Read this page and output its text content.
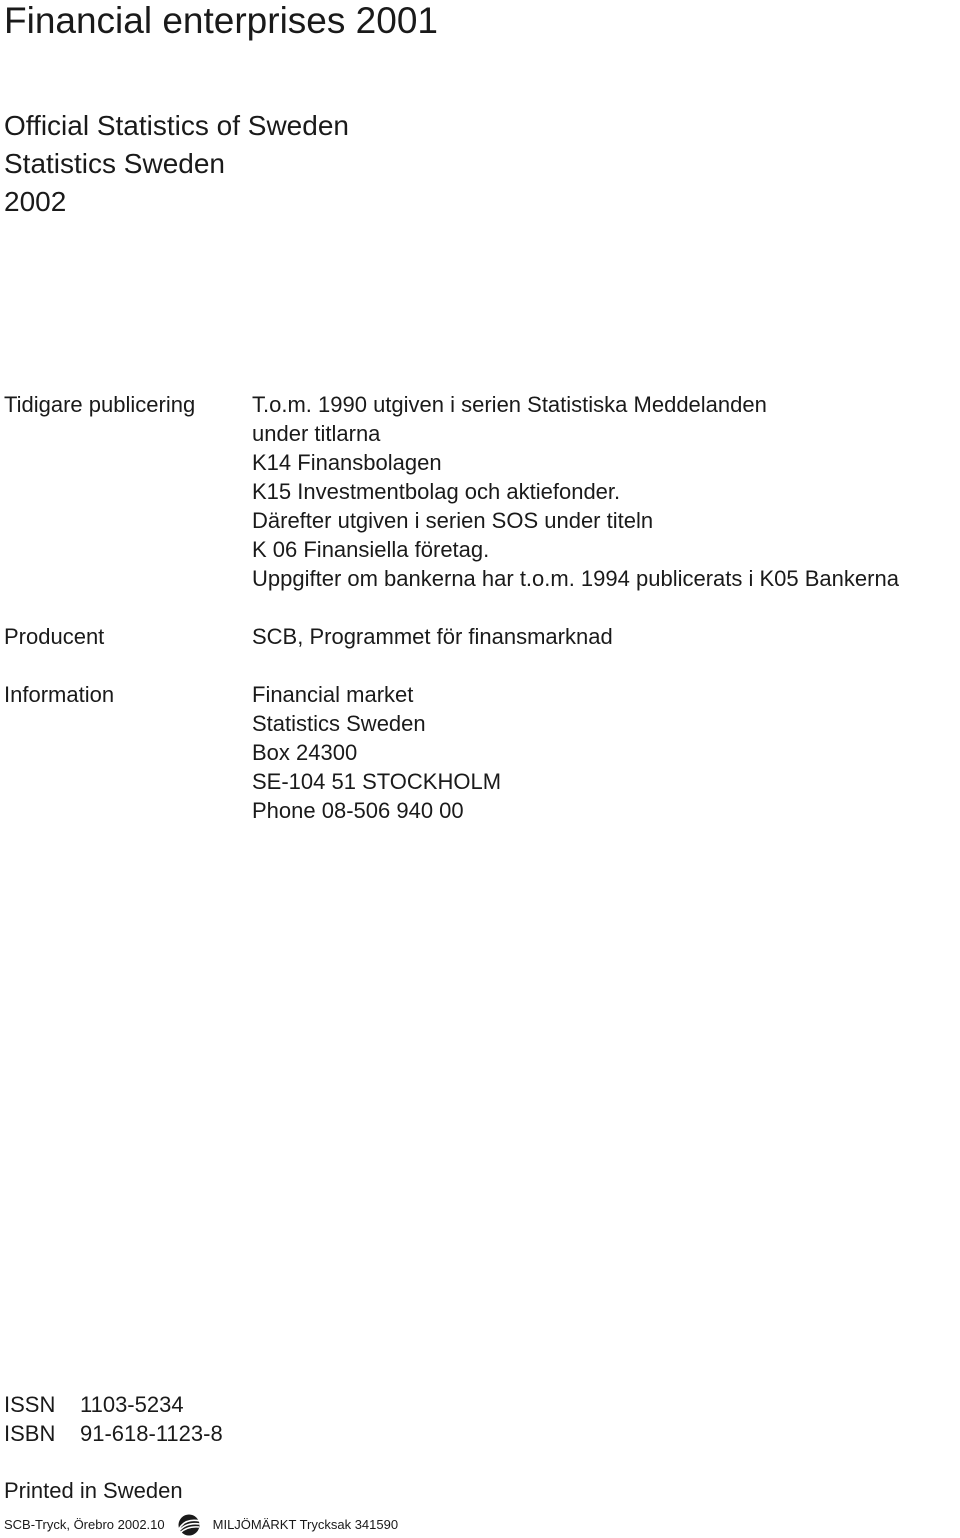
Financial enterprises 2001
Official Statistics of Sweden
Statistics Sweden
2002
Tidigare publicering	T.o.m. 1990 utgiven i serien Statistiska Meddelanden
under titlarna
K14 Finansbolagen
K15 Investmentbolag och aktiefonder.
Därefter utgiven i serien SOS under titeln
K 06 Finansiella företag.
Uppgifter om bankerna har t.o.m. 1994 publicerats i K05 Bankerna
Producent	SCB, Programmet för finansmarknad
Information	Financial market
Statistics Sweden
Box 24300
SE-104 51 STOCKHOLM
Phone 08-506 940 00
ISSN 1103-5234
ISBN 91-618-1123-8
Printed in Sweden
SCB-Tryck, Örebro 2002.10	MILJÖMÄRKT Trycksak 341590
